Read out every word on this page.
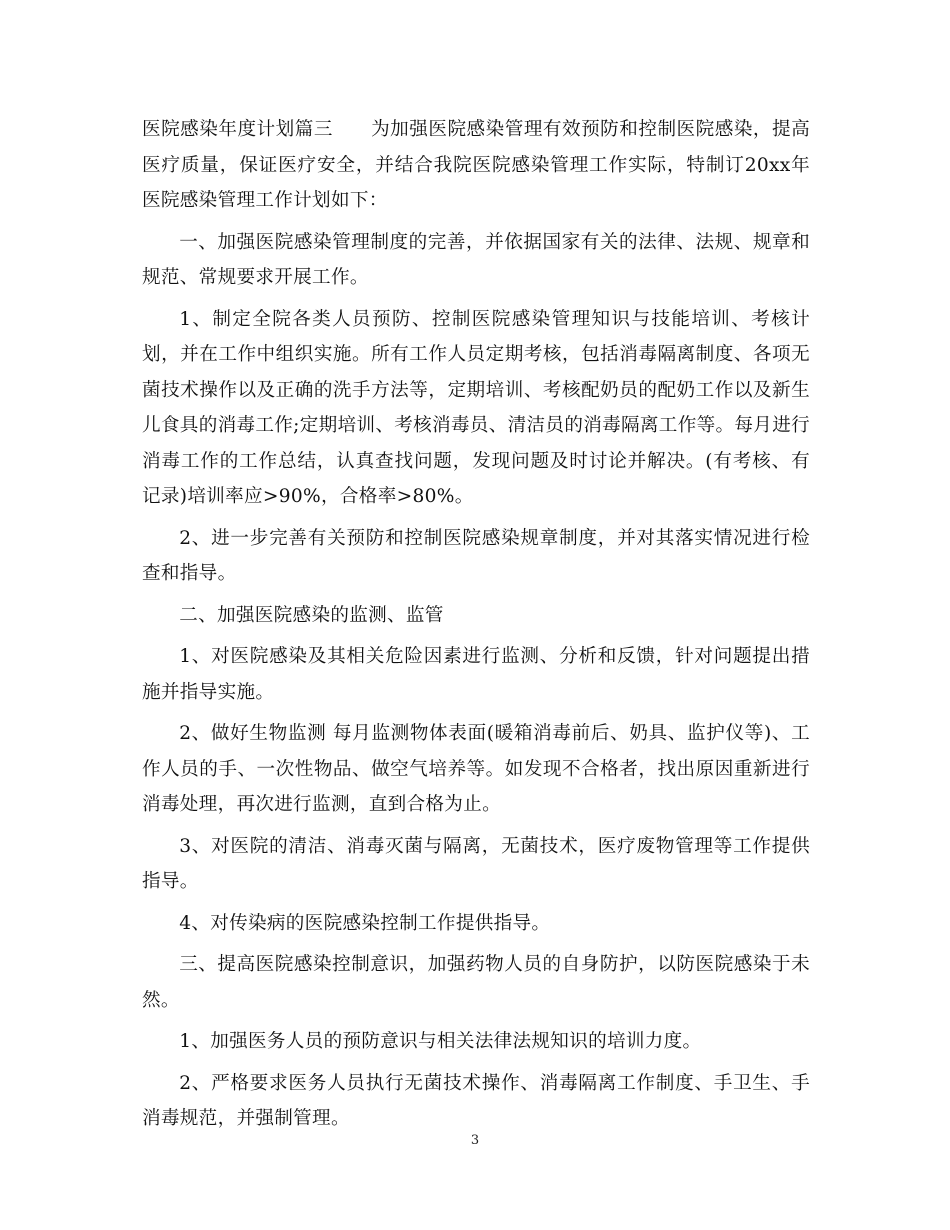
医院感染年度计划篇三　　为加强医院感染管理有效预防和控制医院感染，提高医疗质量，保证医疗安全，并结合我院医院感染管理工作实际，特制订20xx年医院感染管理工作计划如下：

一、加强医院感染管理制度的完善，并依据国家有关的法律、法规、规章和规范、常规要求开展工作。

1、制定全院各类人员预防、控制医院感染管理知识与技能培训、考核计划，并在工作中组织实施。所有工作人员定期考核，包括消毒隔离制度、各项无菌技术操作以及正确的洗手方法等，定期培训、考核配奶员的配奶工作以及新生儿食具的消毒工作;定期培训、考核消毒员、清洁员的消毒隔离工作等。每月进行消毒工作的工作总结，认真查找问题，发现问题及时讨论并解决。(有考核、有记录)培训率应>90%，合格率>80%。

2、进一步完善有关预防和控制医院感染规章制度，并对其落实情况进行检查和指导。

二、加强医院感染的监测、监管

1、对医院感染及其相关危险因素进行监测、分析和反馈，针对问题提出措施并指导实施。

2、做好生物监测 每月监测物体表面(暖箱消毒前后、奶具、监护仪等)、工作人员的手、一次性物品、做空气培养等。如发现不合格者，找出原因重新进行消毒处理，再次进行监测，直到合格为止。

3、对医院的清洁、消毒灭菌与隔离，无菌技术，医疗废物管理等工作提供指导。

4、对传染病的医院感染控制工作提供指导。

三、提高医院感染控制意识，加强药物人员的自身防护，以防医院感染于未然。

1、加强医务人员的预防意识与相关法律法规知识的培训力度。

2、严格要求医务人员执行无菌技术操作、消毒隔离工作制度、手卫生、手消毒规范，并强制管理。

3
